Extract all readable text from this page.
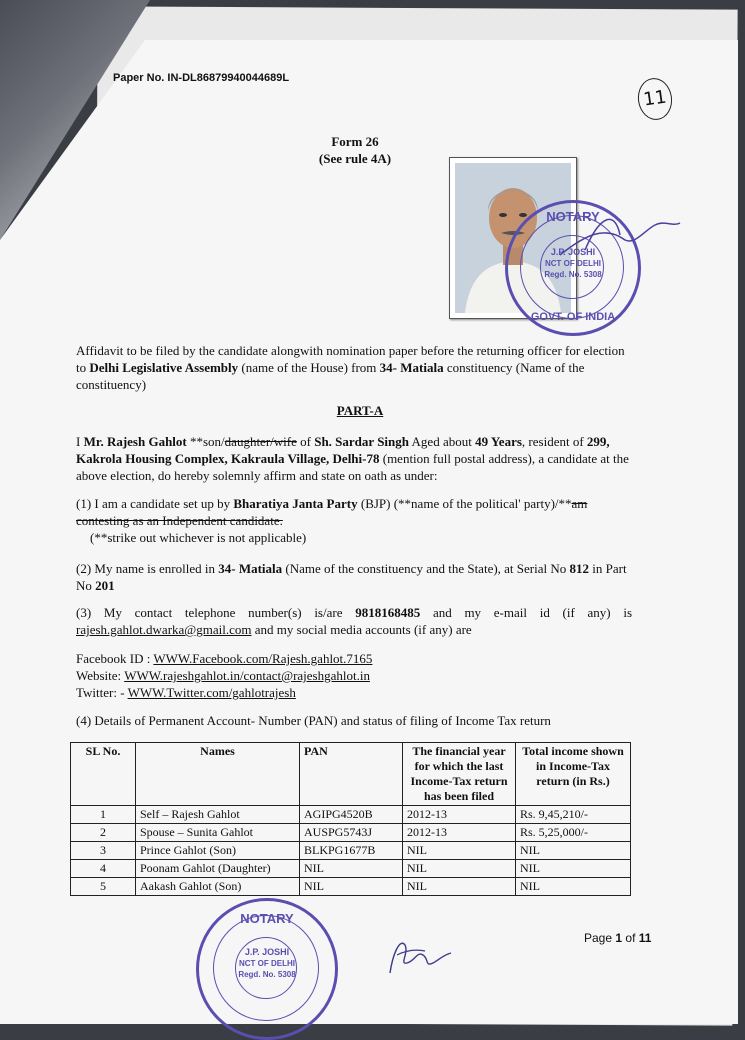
Paper No. IN-DL86879940044689L
11
Form 26
(See rule 4A)
NOTARY
J.P. JOSHI
NCT OF DELHI
Regd. No. 5308
GOVT. OF INDIA
Affidavit to be filed by the candidate alongwith nomination paper before the returning officer for election to Delhi Legislative Assembly (name of the House) from 34- Matiala constituency (Name of the constituency)
PART-A
I Mr. Rajesh Gahlot **son/daughter/wife of Sh. Sardar Singh Aged about 49 Years, resident of 299, Kakrola Housing Complex, Kakraula Village, Delhi-78 (mention full postal address), a candidate at the above election, do hereby solemnly affirm and state on oath as under:
(1) I am a candidate set up by Bharatiya Janta Party (BJP) (**name of the political' party)/**am contesting as an Independent candidate.
(**strike out whichever is not applicable)
(2) My name is enrolled in 34- Matiala (Name of the constituency and the State), at Serial No 812 in Part No 201
(3) My contact telephone number(s) is/are 9818168485 and my e-mail id (if any) is rajesh.gahlot.dwarka@gmail.com and my social media accounts (if any) are
Facebook ID : WWW.Facebook.com/Rajesh.gahlot.7165
Website: WWW.rajeshgahlot.in/contact@rajeshgahlot.in
Twitter: - WWW.Twitter.com/gahlotrajesh
(4) Details of Permanent Account- Number (PAN) and status of filing of Income Tax return
SL No.	Names	PAN	The financial year for which the last Income-Tax return has been filed	Total income shown in Income-Tax return (in Rs.)
1	Self – Rajesh Gahlot	AGIPG4520B	2012-13	Rs. 9,45,210/-
2	Spouse – Sunita Gahlot	AUSPG5743J	2012-13	Rs. 5,25,000/-
3	Prince Gahlot (Son)	BLKPG1677B	NIL	NIL
4	Poonam Gahlot (Daughter)	NIL	NIL	NIL
5	Aakash Gahlot (Son)	NIL	NIL	NIL
NOTARY
J.P. JOSHI
NCT OF DELHI
Regd. No. 5308
Page 1 of 11
